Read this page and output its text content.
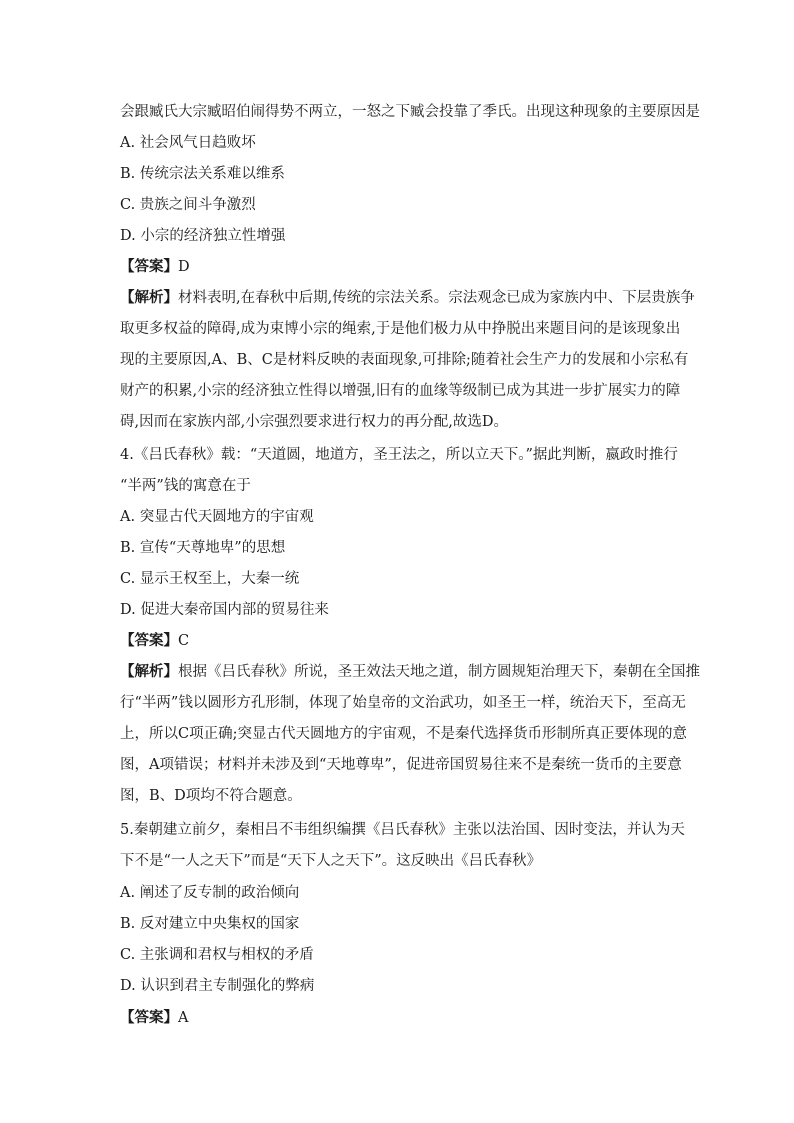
会跟臧氏大宗臧昭伯闹得势不两立，一怒之下臧会投靠了季氏。出现这种现象的主要原因是
A. 社会风气日趋败坏
B. 传统宗法关系难以维系
C. 贵族之间斗争激烈
D. 小宗的经济独立性增强
【答案】D
【解析】材料表明,在春秋中后期,传统的宗法关系。宗法观念已成为家族内中、下层贵族争
取更多权益的障碍,成为束博小宗的绳索,于是他们极力从中挣脱出来题目问的是该现象出
现的主要原因,A、B、C是材料反映的表面现象,可排除;随着社会生产力的发展和小宗私有
财产的积累,小宗的经济独立性得以增强,旧有的血缘等级制已成为其进一步扩展实力的障
碍,因而在家族内部,小宗强烈要求进行权力的再分配,故选D。
4.《吕氏春秋》载：“天道圆，地道方，圣王法之，所以立天下。”据此判断，嬴政时推行
“半两”钱的寓意在于
A. 突显古代天圆地方的宇宙观
B. 宣传“天尊地卑”的思想
C. 显示王权至上，大秦一统
D. 促进大秦帝国内部的贸易往来
【答案】C
【解析】根据《吕氏春秋》所说，圣王效法天地之道，制方圆规矩治理天下，秦朝在全国推
行“半两”钱以圆形方孔形制，体现了始皇帝的文治武功，如圣王一样，统治天下，至高无
上，所以C项正确;突显古代天圆地方的宇宙观，不是秦代选择货币形制所真正要体现的意
图，A项错误；材料并未涉及到“天地尊卑”，促进帝国贸易往来不是秦统一货币的主要意
图，B、D项均不符合题意。
5.秦朝建立前夕，秦相吕不韦组织编撰《吕氏春秋》主张以法治国、因时变法，并认为天
下不是“一人之天下”而是“天下人之天下”。这反映出《吕氏春秋》
A. 阐述了反专制的政治倾向
B. 反对建立中央集权的国家
C. 主张调和君权与相权的矛盾
D. 认识到君主专制强化的弊病
【答案】A
